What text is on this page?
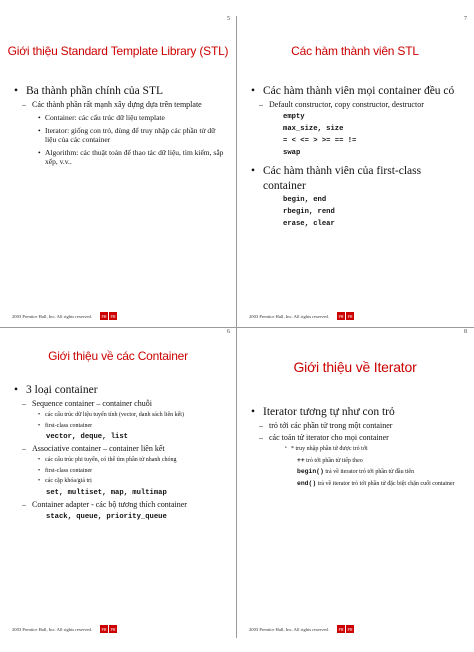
5
Giới thiệu Standard Template Library (STL)
• Ba thành phần chính của STL
– Các thành phần rất mạnh xây dựng dựa trên template
• Container: các cấu trúc dữ liệu template
• Iterator: giống con trỏ, dùng để truy nhập các phần tử dữ liệu của các container
• Algorithm: các thuật toán để thao tác dữ liệu, tìm kiếm, sắp xếp, v.v..
2003 Prentice Hall, Inc. All rights reserved.	PH PH
7
Các hàm thành viên STL
• Các hàm thành viên mọi container đều có
– Default constructor, copy constructor, destructor
empty
max_size, size
= < <= > >= == !=
swap
• Các hàm thành viên của first-class container
begin, end
rbegin, rend
erase, clear
2003 Prentice Hall, Inc. All rights reserved.	PH PH
6
Giới thiệu về các Container
• 3 loại container
– Sequence container – container chuỗi
• các cấu trúc dữ liệu tuyến tính (vector, danh sách liên kết)
• first-class container
vector, deque, list
– Associative container – container liên kết
• các cấu trúc phi tuyến, có thể tìm phần tử nhanh chóng
• first-class container
• các cặp khóa/giá trị
set, multiset, map, multimap
– Container adapter - các bộ tương thích container
stack, queue, priority_queue
2003 Prentice Hall, Inc. All rights reserved.	PH PH
8
Giới thiệu về Iterator
• Iterator tương tự như con trỏ
– trỏ tới các phần tử trong một container
– các toán tử iterator cho mọi container
• * truy nhập phần tử được trỏ tới
++ trỏ tới phần tử tiếp theo
begin() trả về iterator trỏ tới phần tử đầu tiên
end() trả về iterator trỏ tới phần tử đặc biệt chặn cuối container
2003 Prentice Hall, Inc. All rights reserved.	PH PH
